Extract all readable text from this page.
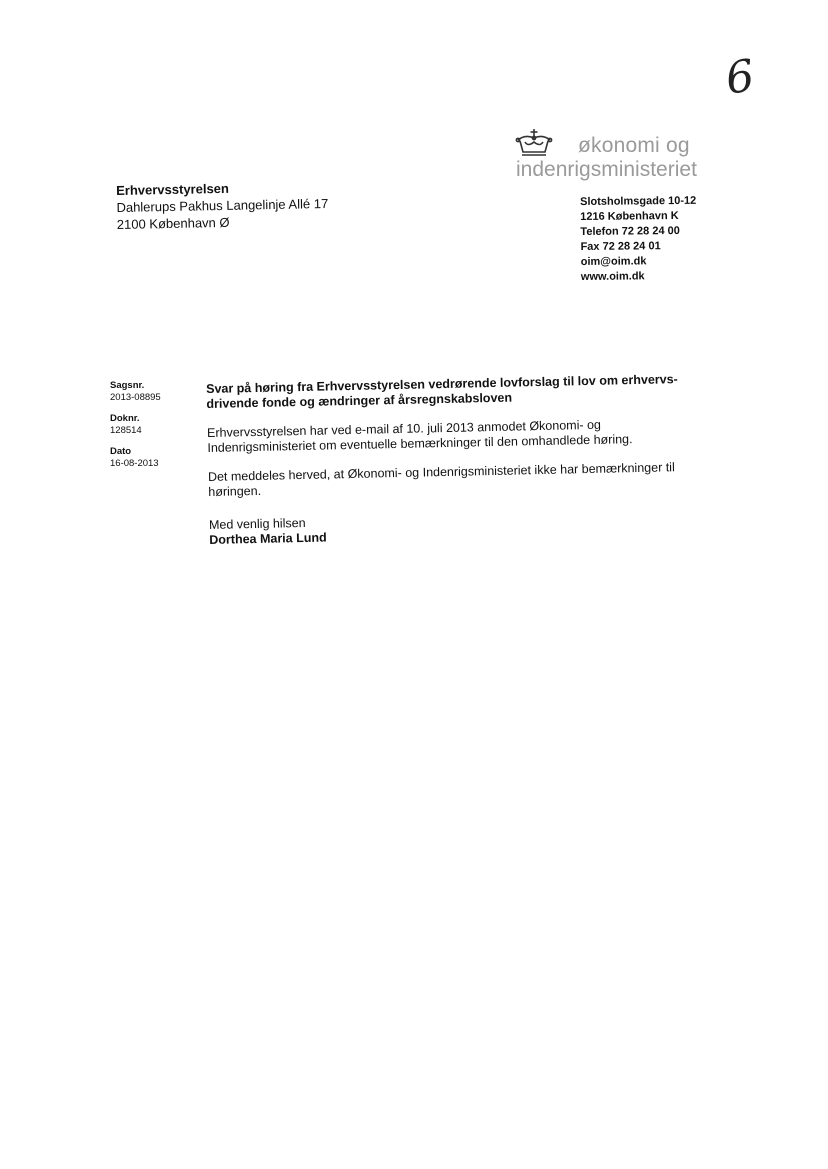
6
økonomi og
indenrigsministeriet
Erhvervsstyrelsen
Dahlerups Pakhus Langelinje Allé 17
2100 København Ø
Slotsholmsgade 10-12
1216 København K
Telefon 72 28 24 00
Fax 72 28 24 01
oim@oim.dk
www.oim.dk
Sagsnr.
2013-08895
Doknr.
128514
Dato
16-08-2013

Svar på høring fra Erhvervsstyrelsen vedrørende lovforslag til lov om erhvervs-drivende fonde og ændringer af årsregnskabsloven

Erhvervsstyrelsen har ved e-mail af 10. juli 2013 anmodet Økonomi- og Indenrigsministeriet om eventuelle bemærkninger til den omhandlede høring.

Det meddeles herved, at Økonomi- og Indenrigsministeriet ikke har bemærkninger til høringen.

Med venlig hilsen
Dorthea Maria Lund
